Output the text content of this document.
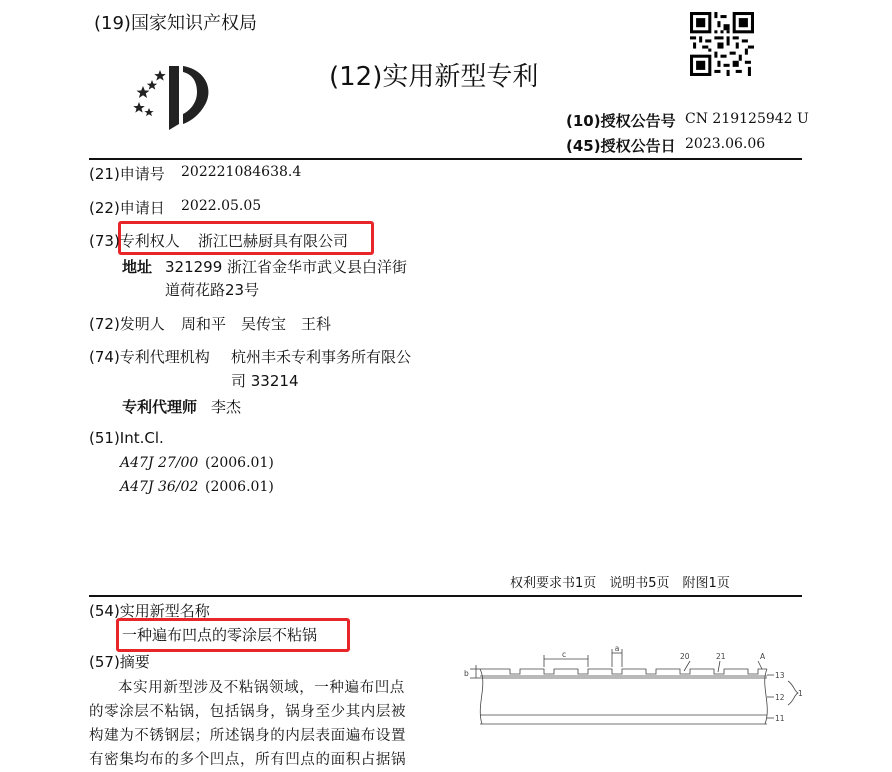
(19)国家知识产权局
(12)实用新型专利
(10)授权公告号 CN 219125942 U
(45)授权公告日 2023.06.06
(21)申请号 202221084638.4
(22)申请日 2022.05.05
(73)专利权人 浙江巴赫厨具有限公司
地址 321299 浙江省金华市武义县白洋街
道荷花路23号
(72)发明人 周和平　吴传宝　王科
(74)专利代理机构 杭州丰禾专利事务所有限公
司 33214
专利代理师 李杰
(51)Int.Cl.
A47J 27/00 (2006.01)
A47J 36/02 (2006.01)
权利要求书1页　说明书5页　附图1页
(54)实用新型名称
一种遍布凹点的零涂层不粘锅
(57)摘要

本实用新型涉及不粘锅领域，一种遍布凹点

的零涂层不粘锅，包括锅身，锅身至少其内层被

构建为不锈钢层；所述锅身的内层表面遍布设置

有密集均布的多个凹点，所有凹点的面积占据锅

c
a
b
20	21	A
13
12 1
11
